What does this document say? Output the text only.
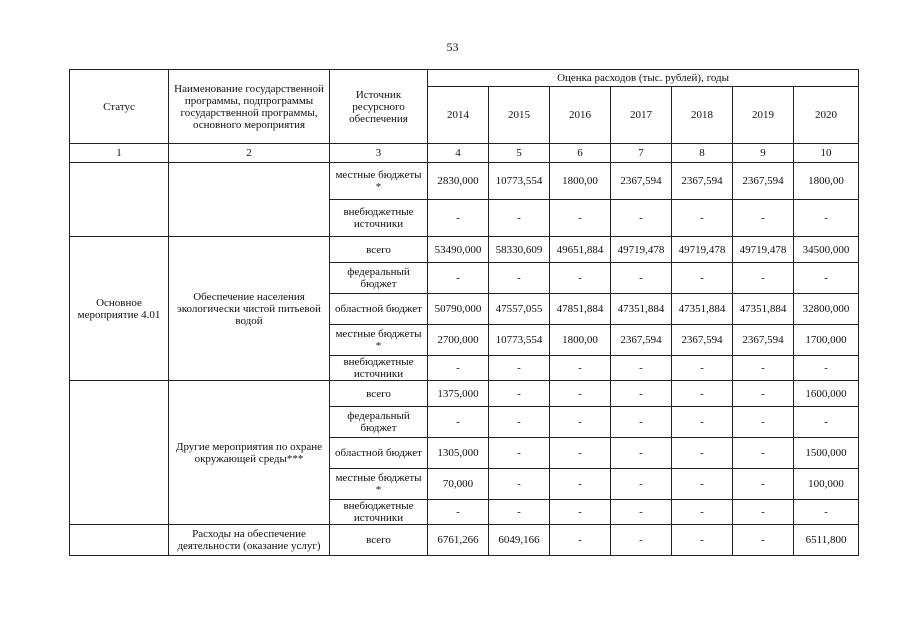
53
Статус	Наименование государственной программы, подпрограммы государственной программы, основного мероприятия	Источник ресурсного обеспечения	Оценка расходов (тыс. рублей), годы						
			2014	2015	2016	2017	2018	2019	2020
1	2	3	4	5	6	7	8	9	10
		местные бюджеты *	2830,000	10773,554	1800,00	2367,594	2367,594	2367,594	1800,00
		внебюджетные источники	-	-	-	-	-	-	-
Основное мероприятие 4.01	Обеспечение населения экологически чистой питьевой водой	всего	53490,000	58330,609	49651,884	49719,478	49719,478	49719,478	34500,000
		федеральный бюджет	-	-	-	-	-	-	-
		областной бюджет	50790,000	47557,055	47851,884	47351,884	47351,884	47351,884	32800,000
		местные бюджеты *	2700,000	10773,554	1800,00	2367,594	2367,594	2367,594	1700,000
		внебюджетные источники	-	-	-	-	-	-	-
	Другие мероприятия по охране окружающей среды***	всего	1375,000	-	-	-	-	-	1600,000
		федеральный бюджет	-	-	-	-	-	-	-
		областной бюджет	1305,000	-	-	-	-	-	1500,000
		местные бюджеты *	70,000	-	-	-	-	-	100,000
		внебюджетные источники	-	-	-	-	-	-	-
	Расходы на обеспечение деятельности (оказание услуг)	всего	6761,266	6049,166	-	-	-	-	6511,800
